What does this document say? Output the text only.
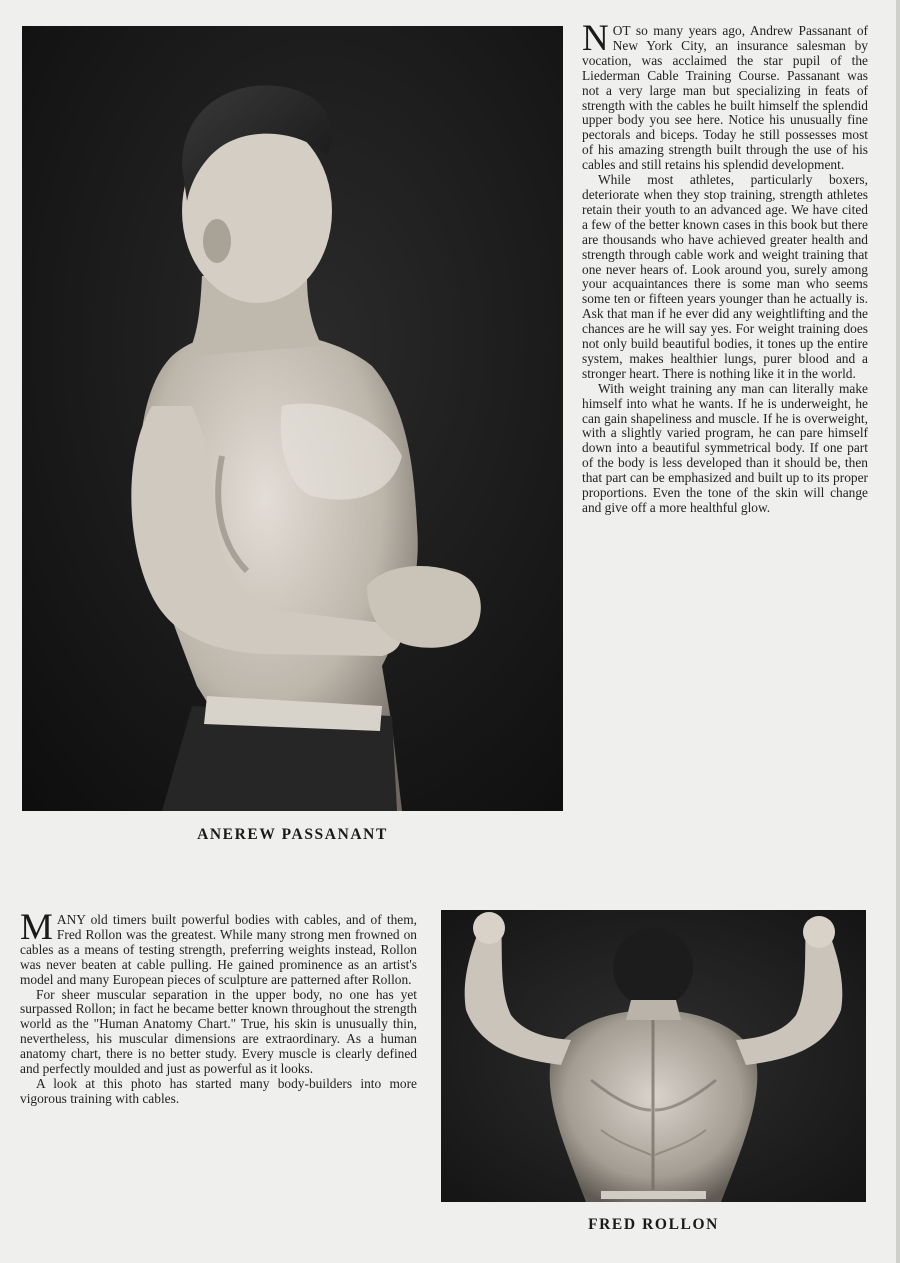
ANEREW PASSANANT

NOT so many years ago, Andrew Passanant of New York City, an insurance salesman by vocation, was acclaimed the star pupil of the Liederman Cable Training Course. Passanant was not a very large man but specializing in feats of strength with the cables he built himself the splendid upper body you see here. Notice his unusually fine pectorals and biceps. Today he still possesses most of his amazing strength built through the use of his cables and still retains his splendid development.

While most athletes, particularly boxers, deteriorate when they stop training, strength athletes retain their youth to an advanced age. We have cited a few of the better known cases in this book but there are thousands who have achieved greater health and strength through cable work and weight training that one never hears of. Look around you, surely among your acquaintances there is some man who seems some ten or fifteen years younger than he actually is. Ask that man if he ever did any weightlifting and the chances are he will say yes. For weight training does not only build beautiful bodies, it tones up the entire system, makes healthier lungs, purer blood and a stronger heart. There is nothing like it in the world.

With weight training any man can literally make himself into what he wants. If he is underweight, he can gain shapeliness and muscle. If he is overweight, with a slightly varied program, he can pare himself down into a beautiful symmetrical body. If one part of the body is less developed than it should be, then that part can be emphasized and built up to its proper proportions. Even the tone of the skin will change and give off a more healthful glow.

MANY old timers built powerful bodies with cables, and of them, Fred Rollon was the greatest. While many strong men frowned on cables as a means of testing strength, preferring weights instead, Rollon was never beaten at cable pulling. He gained prominence as an artist's model and many European pieces of sculpture are patterned after Rollon.

For sheer muscular separation in the upper body, no one has yet surpassed Rollon; in fact he became better known throughout the strength world as the "Human Anatomy Chart." True, his skin is unusually thin, nevertheless, his muscular dimensions are extraordinary. As a human anatomy chart, there is no better study. Every muscle is clearly defined and perfectly moulded and just as powerful as it looks.

A look at this photo has started many body-builders into more vigorous training with cables.

FRED ROLLON
